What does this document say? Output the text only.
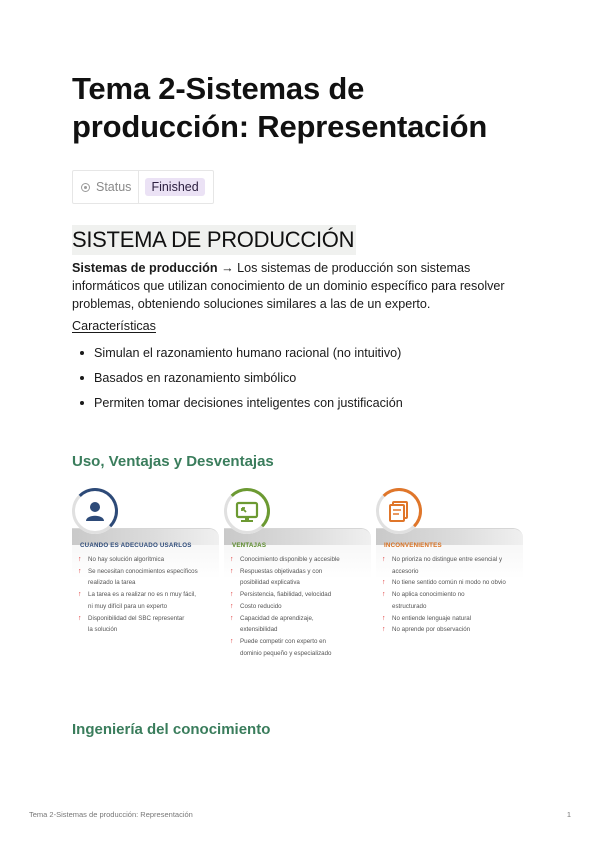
Tema 2-Sistemas de producción: Representación
Status	Finished
SISTEMA DE PRODUCCIÓN
Sistemas de producción → Los sistemas de producción son sistemas informáticos que utilizan conocimiento de un dominio específico para resolver problemas, obteniendo soluciones similares a las de un experto.
Características
Simulan el razonamiento humano racional (no intuitivo)
Basados en razonamiento simbólico
Permiten tomar decisiones inteligentes con justificación
Uso, Ventajas y Desventajas
Ingeniería del conocimiento
CUANDO ES ADECUADO USARLOS
↑ No hay solución algorítmica
↑ Se necesitan conocimientos específicos
realizado la tarea
↑ La tarea es a realizar no es n muy fácil,
ni muy difícil para un experto
↑ Disponibilidad del SBC representar
la solución
VENTAJAS
↑ Conocimiento disponible y accesible
↑ Respuestas objetivadas y con
posibilidad explicativa
↑ Persistencia, fiabilidad, velocidad
↑ Costo reducido
↑ Capacidad de aprendizaje,
extensibilidad
↑ Puede competir con experto en
dominio pequeño y especializado
INCONVENIENTES
↑ No prioriza no distingue entre esencial y
accesorio
↑ No tiene sentido común ni modo no obvio
↑ No aplica conocimiento no
estructurado
↑ No entiende lenguaje natural
↑ No aprende por observación
Tema 2-Sistemas de producción: Representación	1
